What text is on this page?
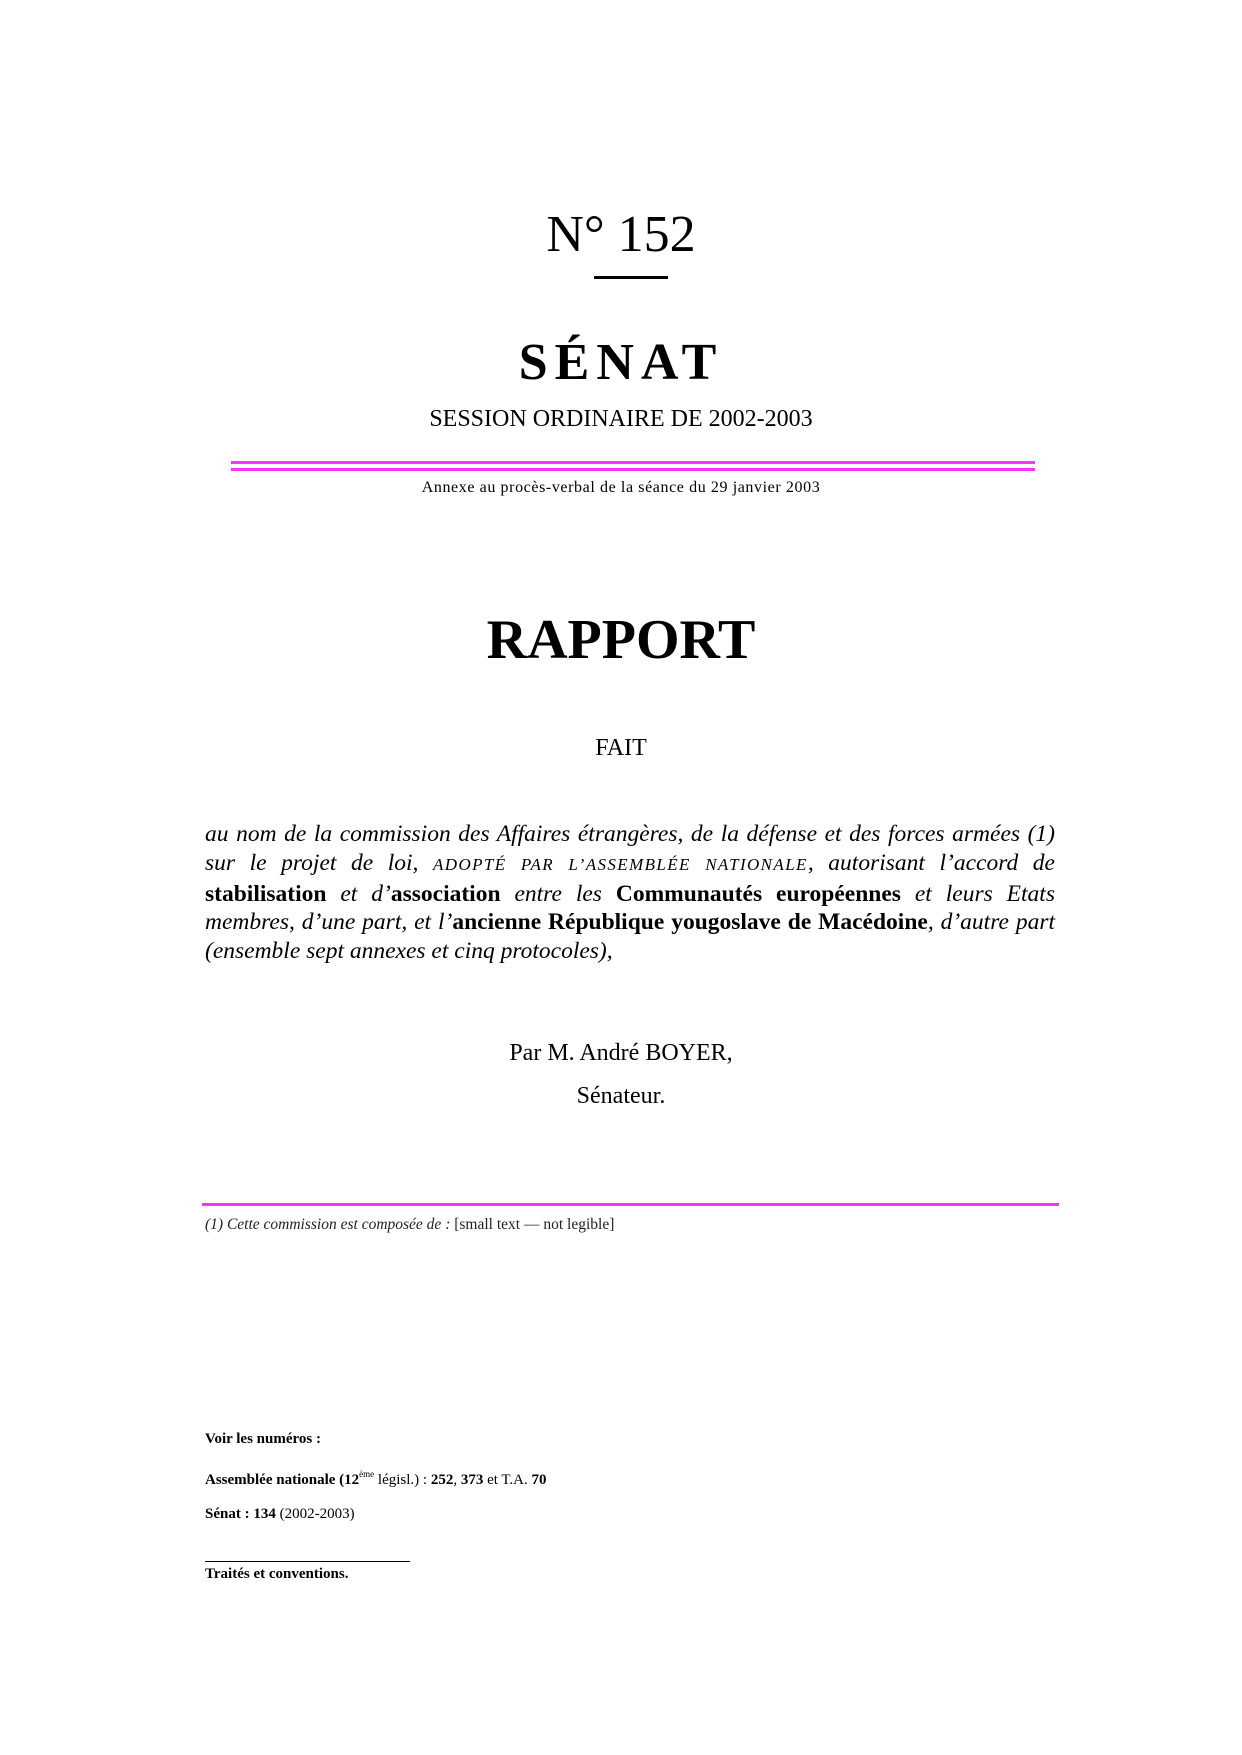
N° 152
SÉNAT
SESSION ORDINAIRE DE 2002-2003
Annexe au procès-verbal de la séance du 29 janvier 2003
RAPPORT
FAIT
au nom de la commission des Affaires étrangères, de la défense et des forces armées (1) sur le projet de loi, ADOPTÉ PAR L’ASSEMBLÉE NATIONALE, autorisant l’accord de stabilisation et d’association entre les Communautés européennes et leurs Etats membres, d’une part, et l’ancienne République yougoslave de Macédoine, d’autre part (ensemble sept annexes et cinq protocoles),
Par M. André BOYER,
Sénateur.
(1) Cette commission est composée de : [small text — not legible]
Voir les numéros :
Assemblée nationale (12ème législ.) : 252, 373 et T.A. 70
Sénat : 134 (2002-2003)
Traités et conventions.
